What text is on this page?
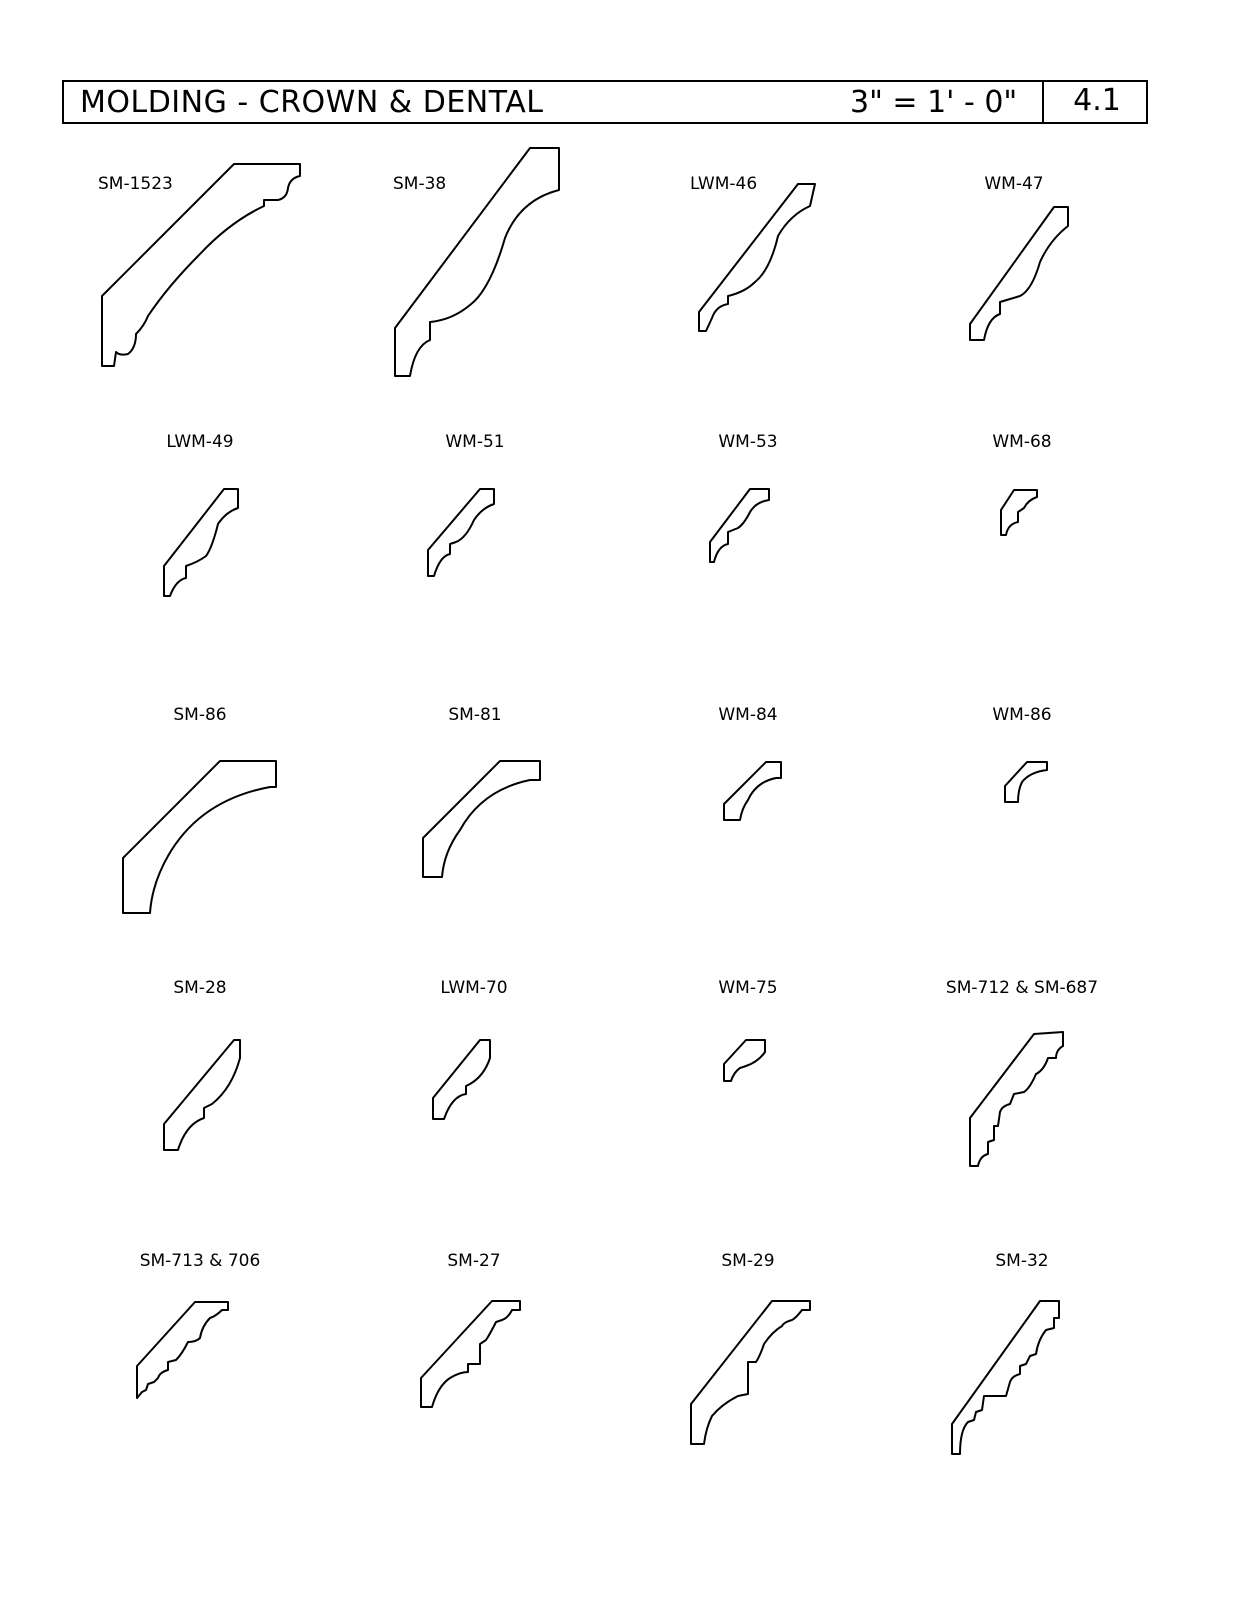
MOLDING - CROWN & DENTAL	3" = 1' - 0"	4.1
SM-1523	SM-38	LWM-46	WM-47
LWM-49	WM-51	WM-53	WM-68
SM-86	SM-81	WM-84	WM-86
SM-28	LWM-70	WM-75	SM-712 & SM-687
SM-713 & 706	SM-27	SM-29	SM-32
